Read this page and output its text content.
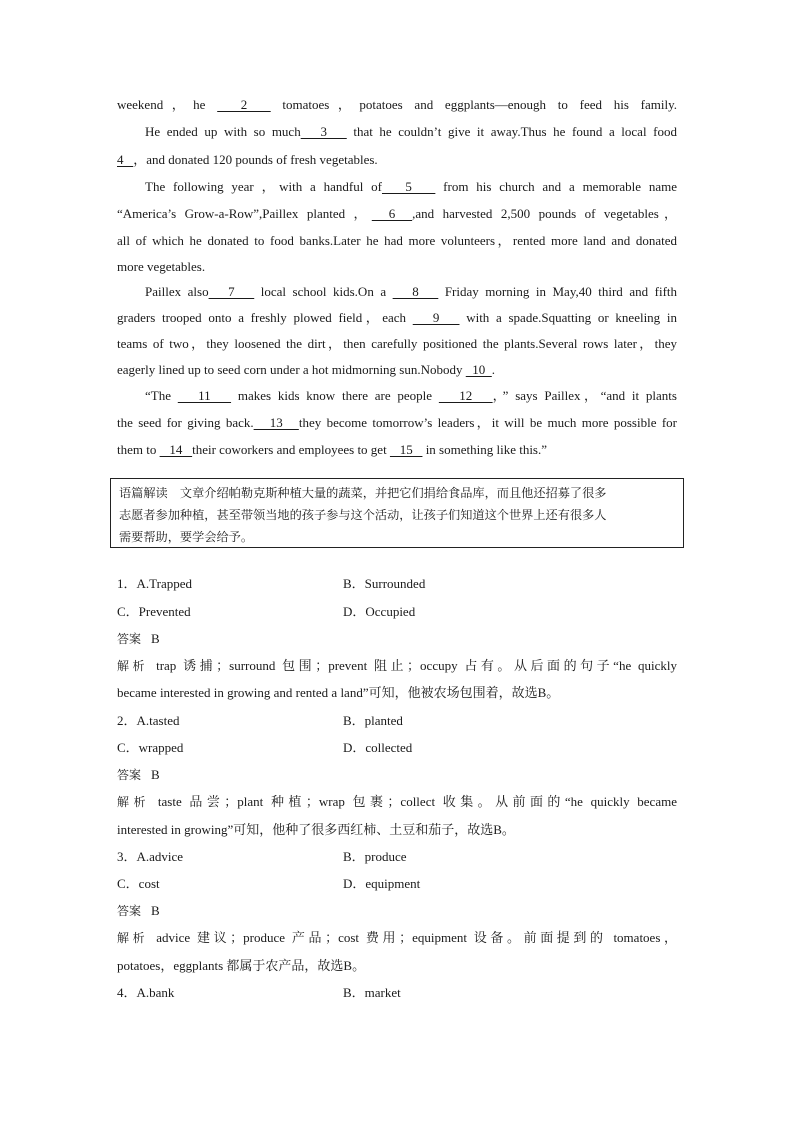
weekend，he   2   tomatoes，potatoes and eggplants—enough to feed his family.
He ended up with so much   3    that he couldn’t give it away.Thus he found a local food
4   ，and donated 120 pounds of fresh vegetables.
The following year ，with a handful of   5    from his church and a memorable name
“America’s Grow-a-Row”,Paillex planted ，  6  ,and harvested 2,500 pounds of vegetables，
all of which he donated to food banks.Later he had more volunteers，rented more land and donated
more vegetables.
Paillex also   7    local school kids.On a    8    Friday morning in May,40 third and fifth
graders trooped onto a freshly plowed field，each    9    with a spade.Squatting or kneeling in
teams of two，they loosened the dirt，then carefully positioned the plants.Several rows later，they
eagerly lined up to seed corn under a hot midmorning sun.Nobody   10  .
“The    11    makes kids know there are people    12   ，” says Paillex，“and it plants
the seed for giving back.   13   they become tomorrow’s leaders，it will be much more possible for
them to    14   their coworkers and employees to get    15    in something like this.”
语篇解读　文章介绍帕勒克斯种植大量的蔬菜，并把它们捐给食品库，而且他还招募了很多
志愿者参加种植，甚至带领当地的孩子参与这个活动，让孩子们知道这个世界上还有很多人
需要帮助，要学会给予。
1．A.Trapped	B．Surrounded
C．Prevented	D．Occupied
答案 B
解析 trap 诱捕；surround 包围；prevent 阻止；occupy 占有。从后面的句子“he quickly
became interested in growing and rented a land”可知，他被农场包围着，故选B。
2．A.tasted	B．planted
C．wrapped	D．collected
答案 B
解析 taste 品尝；plant 种植；wrap 包裹；collect 收集。从前面的“he quickly became
interested in growing”可知，他种了很多西红柿、土豆和茄子，故选B。
3．A.advice	B．produce
C．cost	D．equipment
答案 B
解析 advice 建议；produce 产品；cost 费用；equipment 设备。前面提到的 tomatoes，
potatoes，eggplants 都属于农产品，故选B。
4．A.bank	B．market
